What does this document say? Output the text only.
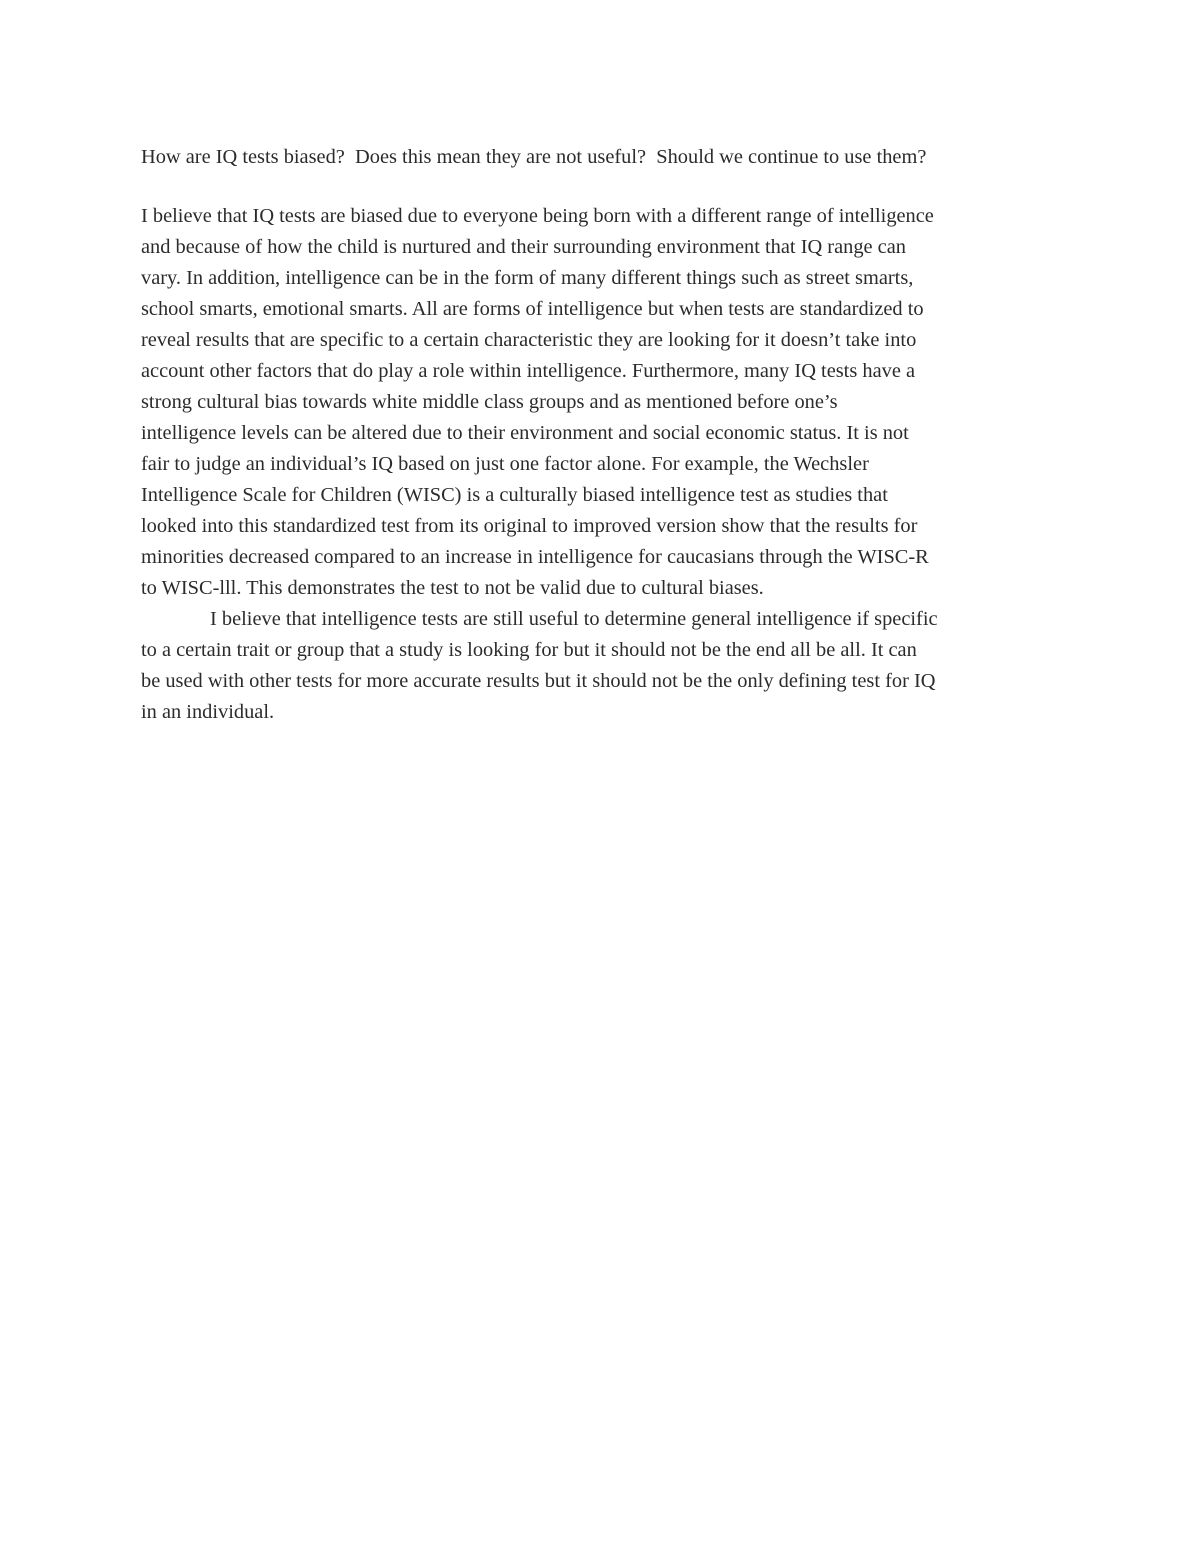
How are IQ tests biased?  Does this mean they are not useful?  Should we continue to use them?
I believe that IQ tests are biased due to everyone being born with a different range of intelligence
and because of how the child is nurtured and their surrounding environment that IQ range can
vary. In addition, intelligence can be in the form of many different things such as street smarts,
school smarts, emotional smarts. All are forms of intelligence but when tests are standardized to
reveal results that are specific to a certain characteristic they are looking for it doesn’t take into
account other factors that do play a role within intelligence. Furthermore, many IQ tests have a
strong cultural bias towards white middle class groups and as mentioned before one’s
intelligence levels can be altered due to their environment and social economic status. It is not
fair to judge an individual’s IQ based on just one factor alone. For example, the Wechsler
Intelligence Scale for Children (WISC) is a culturally biased intelligence test as studies that
looked into this standardized test from its original to improved version show that the results for
minorities decreased compared to an increase in intelligence for caucasians through the WISC-R
to WISC-lll. This demonstrates the test to not be valid due to cultural biases.
I believe that intelligence tests are still useful to determine general intelligence if specific
to a certain trait or group that a study is looking for but it should not be the end all be all. It can
be used with other tests for more accurate results but it should not be the only defining test for IQ
in an individual.
